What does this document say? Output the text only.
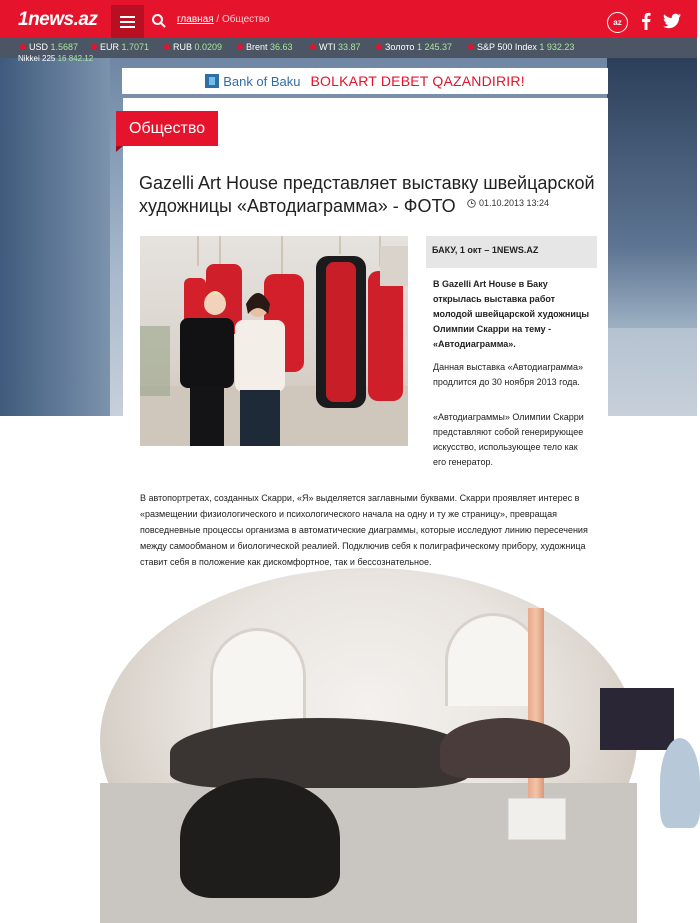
1news.az	главная / Общество	az
USD 1.5687	EUR 1.7071	RUB 0.0209	Brent 36.63	WTI 33.87	Золото 1 245.37	S&P 500 Index 1 932.23
Nikkei 225 16 842.12
Bank of Baku BOLKART DEBET QAZANDIRIR!
Общество
Gazelli Art House представляет выставку швейцарской художницы «Автодиаграмма» - ФОТО	01.10.2013 13:24
БАКУ, 1 окт – 1NEWS.AZ

В Gazelli Art House в Баку открылась выставка работ молодой швейцарской художницы Олимпии Скарри на тему - «Автодиаграмма».

Данная выставка «Автодиаграмма» продлится до 30 ноября 2013 года.

«Автодиаграммы» Олимпии Скарри представляют собой генерирующее искусство, использующее тело как его генератор.

В автопортретах, созданных Скарри, «Я» выделяется заглавными буквами. Скарри проявляет интерес в «размещении физиологического и психологического начала на одну и ту же страницу», превращая повседневные процессы организма в автоматические диаграммы, которые исследуют линию пересечения между самообманом и биологической реалией. Подключив себя к полиграфическому прибору, художница ставит себя в положение как дискомфортное, так и бессознательное.
